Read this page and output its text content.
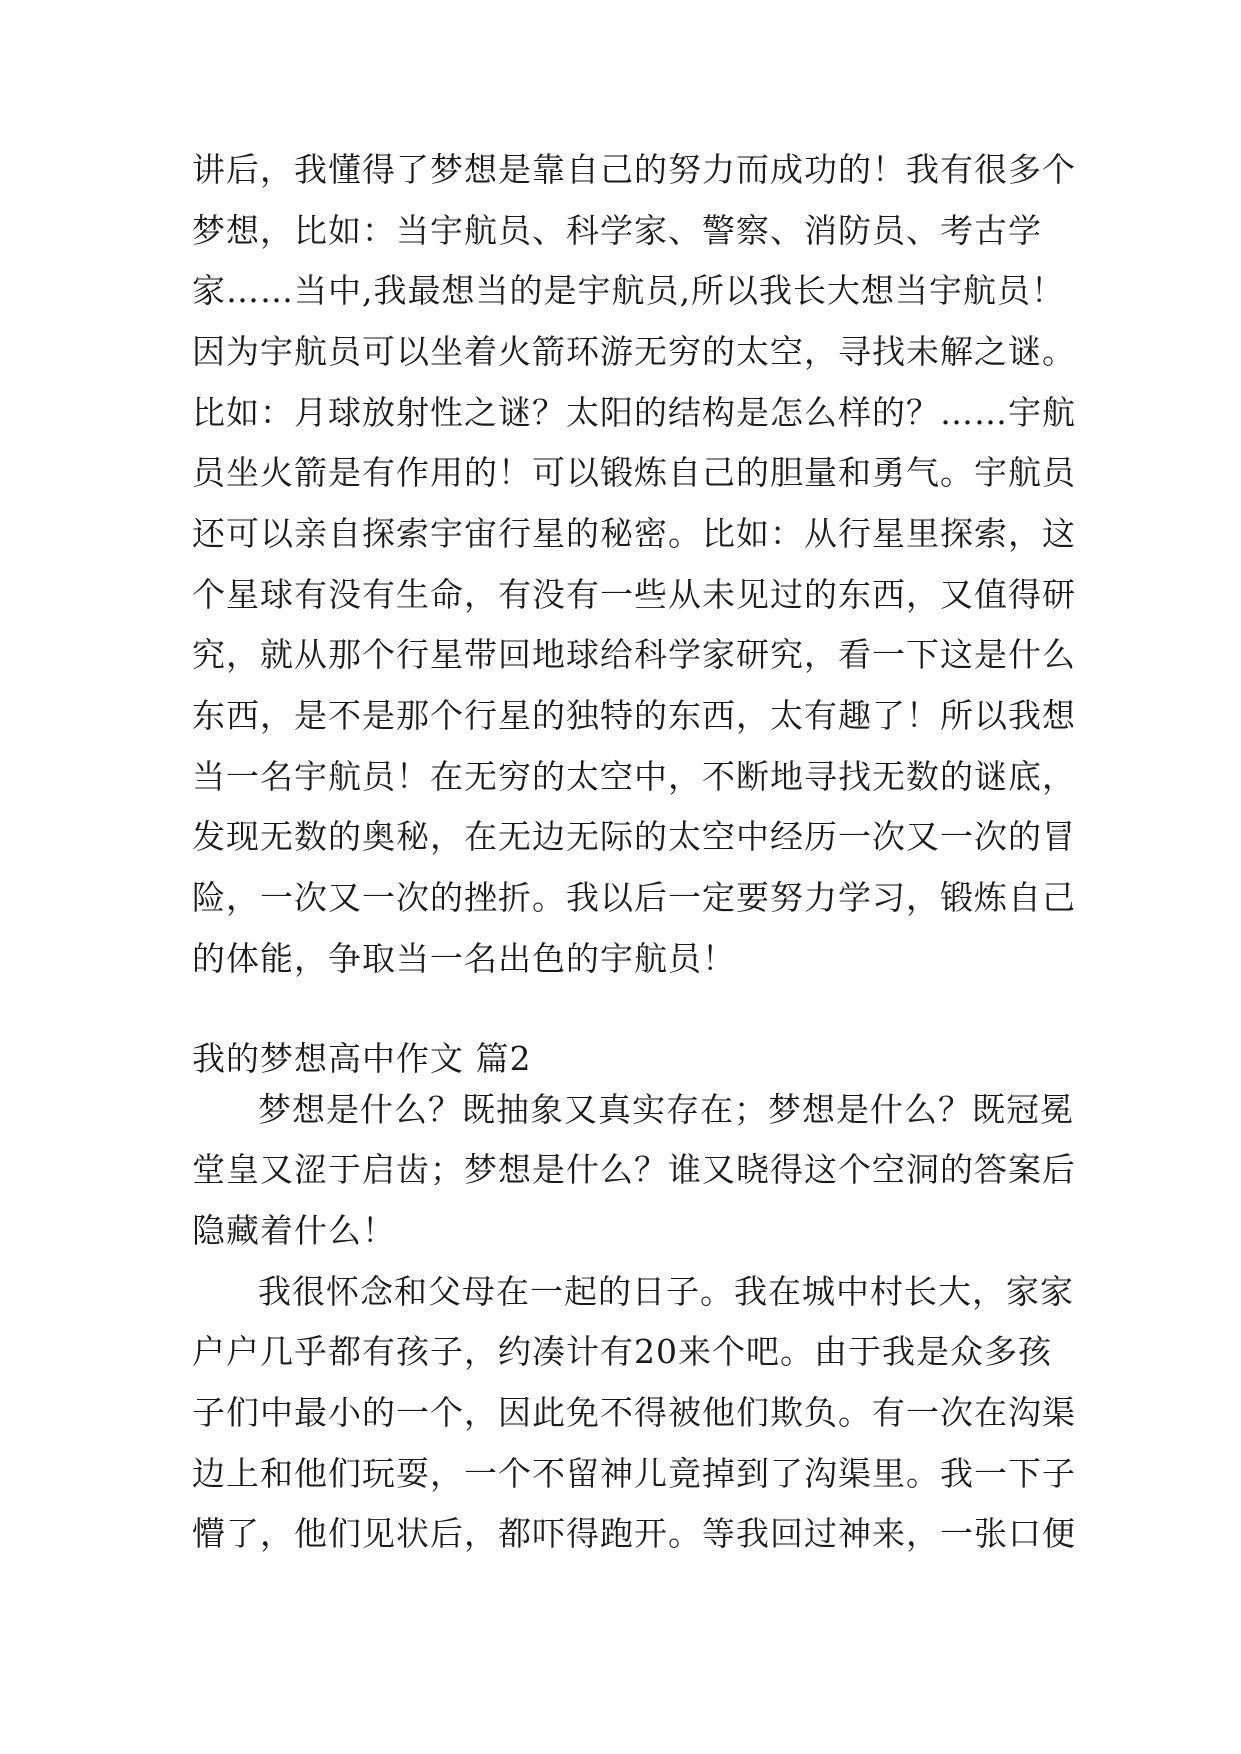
讲后，我懂得了梦想是靠自己的努力而成功的！我有很多个
梦想，比如：当宇航员、科学家、警察、消防员、考古学
家……当中,我最想当的是宇航员,所以我长大想当宇航员！
因为宇航员可以坐着火箭环游无穷的太空，寻找未解之谜。
比如：月球放射性之谜？太阳的结构是怎么样的？……宇航
员坐火箭是有作用的！可以锻炼自己的胆量和勇气。宇航员
还可以亲自探索宇宙行星的秘密。比如：从行星里探索，这
个星球有没有生命，有没有一些从未见过的东西，又值得研
究，就从那个行星带回地球给科学家研究，看一下这是什么
东西，是不是那个行星的独特的东西，太有趣了！所以我想
当一名宇航员！在无穷的太空中，不断地寻找无数的谜底，
发现无数的奥秘，在无边无际的太空中经历一次又一次的冒
险，一次又一次的挫折。我以后一定要努力学习，锻炼自己
的体能，争取当一名出色的宇航员！
我的梦想高中作文 篇2
梦想是什么？既抽象又真实存在；梦想是什么？既冠冕
堂皇又涩于启齿；梦想是什么？谁又晓得这个空洞的答案后
隐藏着什么！
我很怀念和父母在一起的日子。我在城中村长大，家家
户户几乎都有孩子，约凑计有20来个吧。由于我是众多孩
子们中最小的一个，因此免不得被他们欺负。有一次在沟渠
边上和他们玩耍，一个不留神儿竟掉到了沟渠里。我一下子
懵了，他们见状后，都吓得跑开。等我回过神来，一张口便
